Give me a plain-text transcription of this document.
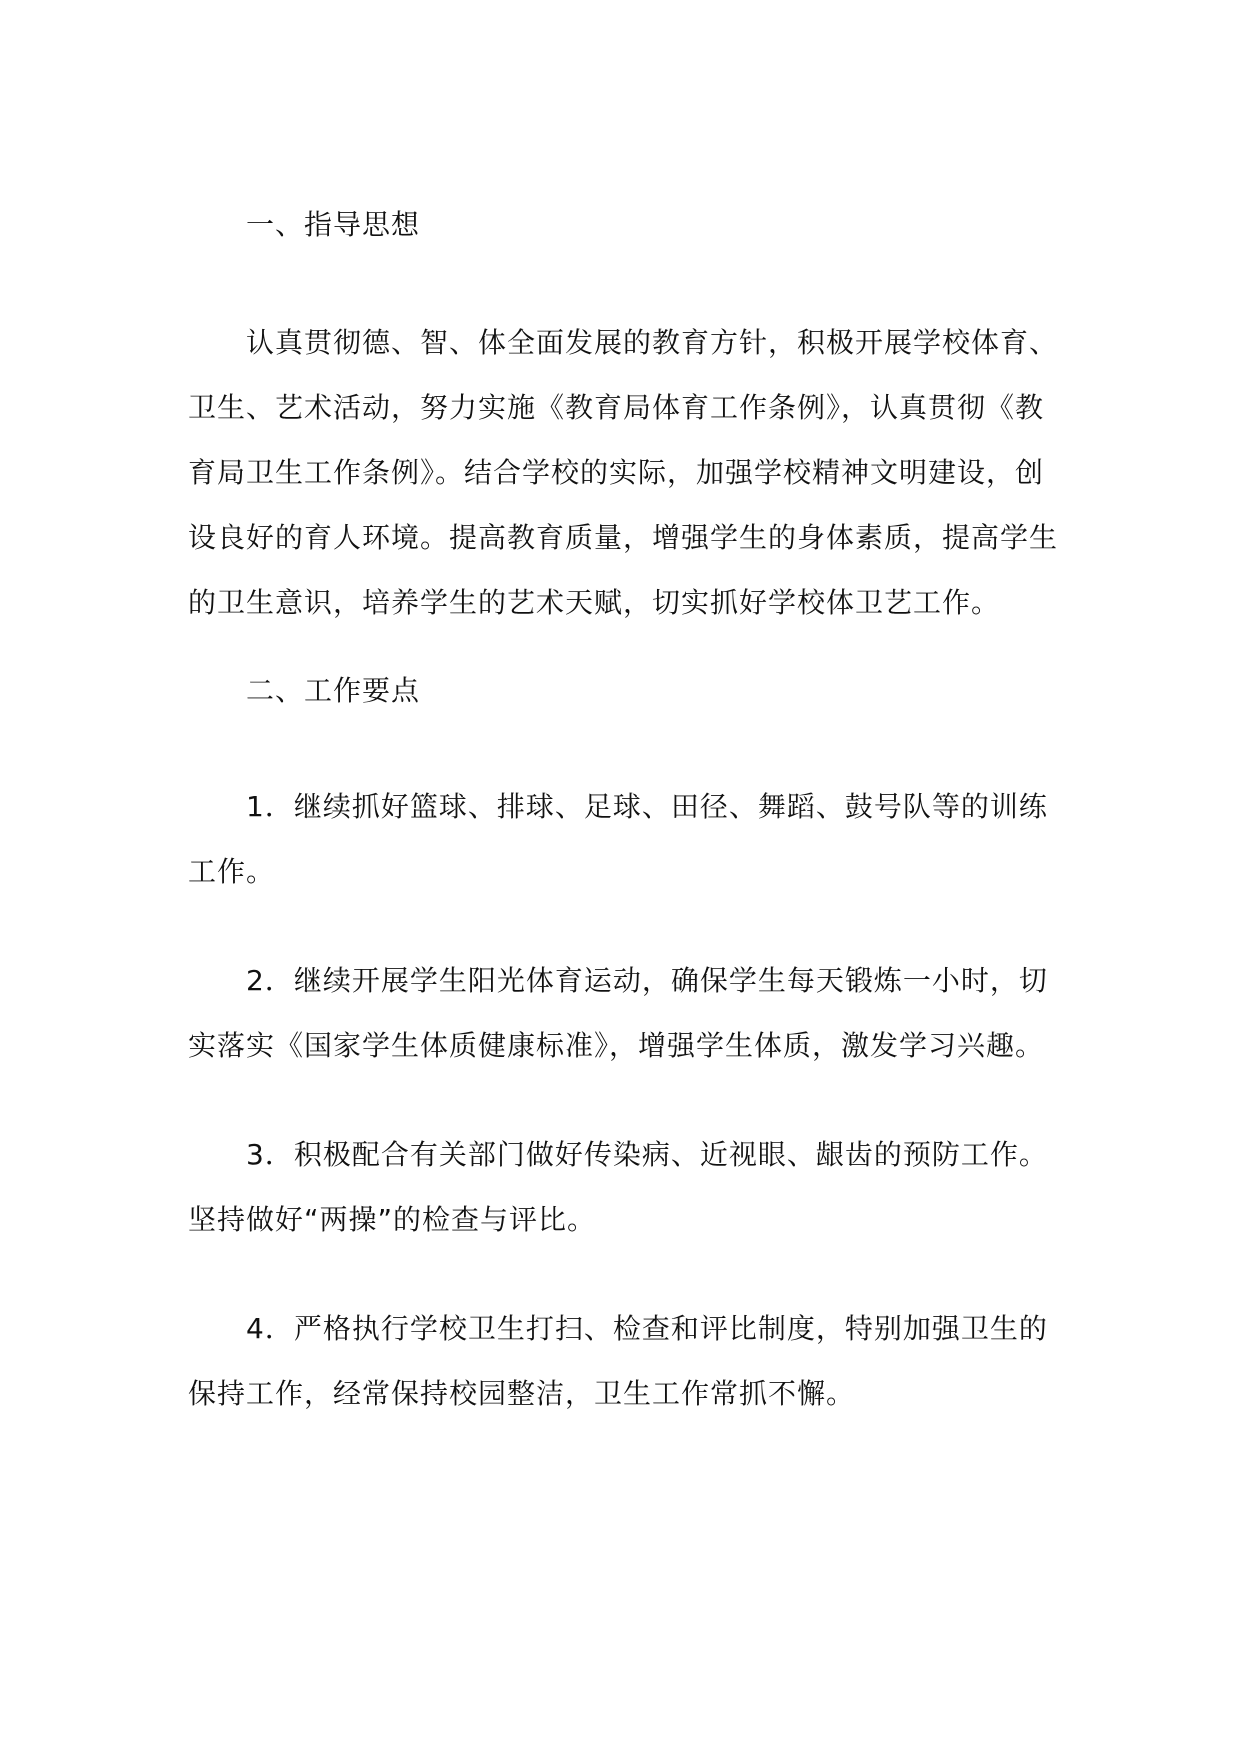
一、指导思想

认真贯彻德、智、体全面发展的教育方针，积极开展学校体育、
卫生、艺术活动，努力实施《教育局体育工作条例》，认真贯彻《教
育局卫生工作条例》。结合学校的实际，加强学校精神文明建设，创
设良好的育人环境。提高教育质量，增强学生的身体素质，提高学生
的卫生意识，培养学生的艺术天赋，切实抓好学校体卫艺工作。

二、工作要点

1．继续抓好篮球、排球、足球、田径、舞蹈、鼓号队等的训练
工作。

2．继续开展学生阳光体育运动，确保学生每天锻炼一小时，切
实落实《国家学生体质健康标准》，增强学生体质，激发学习兴趣。

3．积极配合有关部门做好传染病、近视眼、龈齿的预防工作。
坚持做好“两操”的检查与评比。

4．严格执行学校卫生打扫、检查和评比制度，特别加强卫生的
保持工作，经常保持校园整洁，卫生工作常抓不懈。
